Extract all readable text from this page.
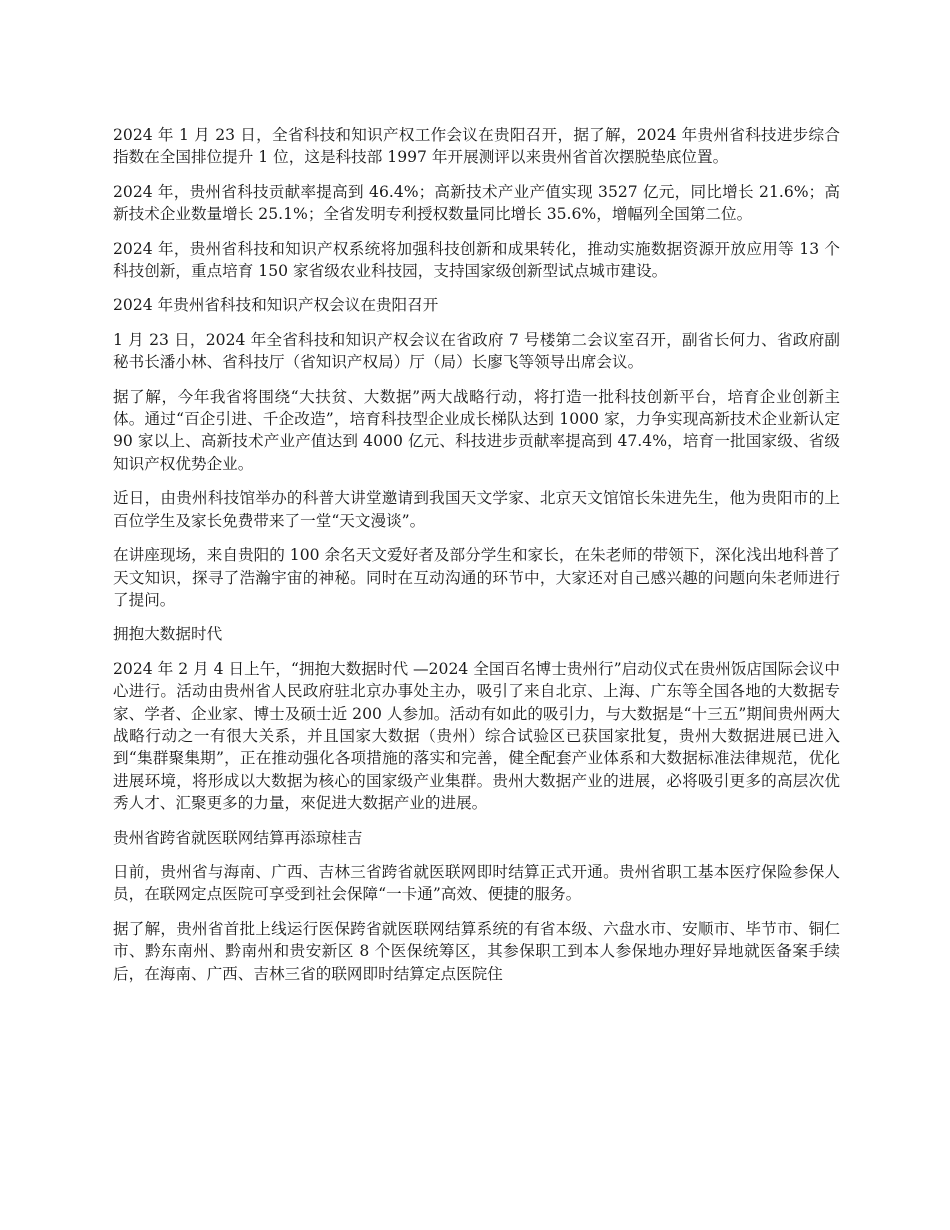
2024 年 1 月 23 日，全省科技和知识产权工作会议在贵阳召开，据了解，2024 年贵州省科技进步综合指数在全国排位提升 1 位，这是科技部 1997 年开展测评以来贵州省首次摆脱垫底位置。

2024 年，贵州省科技贡献率提高到 46.4%；高新技术产业产值实现 3527 亿元，同比增长 21.6%；高新技术企业数量增长 25.1%；全省发明专利授权数量同比增长 35.6%，增幅列全国第二位。

2024 年，贵州省科技和知识产权系统将加强科技创新和成果转化，推动实施数据资源开放应用等 13 个科技创新，重点培育 150 家省级农业科技园，支持国家级创新型试点城市建设。

2024 年贵州省科技和知识产权会议在贵阳召开

1 月 23 日，2024 年全省科技和知识产权会议在省政府 7 号楼第二会议室召开，副省长何力、省政府副秘书长潘小林、省科技厅（省知识产权局）厅（局）长廖飞等领导出席会议。

据了解，今年我省将围绕“大扶贫、大数据”两大战略行动，将打造一批科技创新平台，培育企业创新主体。通过“百企引进、千企改造”，培育科技型企业成长梯队达到 1000 家，力争实现高新技术企业新认定 90 家以上、高新技术产业产值达到 4000 亿元、科技进步贡献率提高到 47.4%，培育一批国家级、省级知识产权优势企业。

近日，由贵州科技馆举办的科普大讲堂邀请到我国天文学家、北京天文馆馆长朱进先生，他为贵阳市的上百位学生及家长免费带来了一堂“天文漫谈”。

在讲座现场，来自贵阳的 100 余名天文爱好者及部分学生和家长，在朱老师的带领下，深化浅出地科普了天文知识，探寻了浩瀚宇宙的神秘。同时在互动沟通的环节中，大家还对自己感兴趣的问题向朱老师进行了提问。

拥抱大数据时代

2024 年 2 月 4 日上午，“拥抱大数据时代 —2024 全国百名博士贵州行”启动仪式在贵州饭店国际会议中心进行。活动由贵州省人民政府驻北京办事处主办，吸引了来自北京、上海、广东等全国各地的大数据专家、学者、企业家、博士及硕士近 200 人参加。活动有如此的吸引力，与大数据是“十三五”期间贵州两大战略行动之一有很大关系，并且国家大数据（贵州）综合试验区已获国家批复，贵州大数据进展已进入到“集群聚集期”，正在推动强化各项措施的落实和完善，健全配套产业体系和大数据标准法律规范，优化进展环境，将形成以大数据为核心的国家级产业集群。贵州大数据产业的进展，必将吸引更多的高层次优秀人才、汇聚更多的力量，來促进大数据产业的进展。

贵州省跨省就医联网结算再添琼桂吉

日前，贵州省与海南、广西、吉林三省跨省就医联网即时结算正式开通。贵州省职工基本医疗保险参保人员，在联网定点医院可享受到社会保障“一卡通”高效、便捷的服务。

据了解，贵州省首批上线运行医保跨省就医联网结算系统的有省本级、六盘水市、安顺市、毕节市、铜仁市、黔东南州、黔南州和贵安新区 8 个医保统筹区，其参保职工到本人参保地办理好异地就医备案手续后，在海南、广西、吉林三省的联网即时结算定点医院住
